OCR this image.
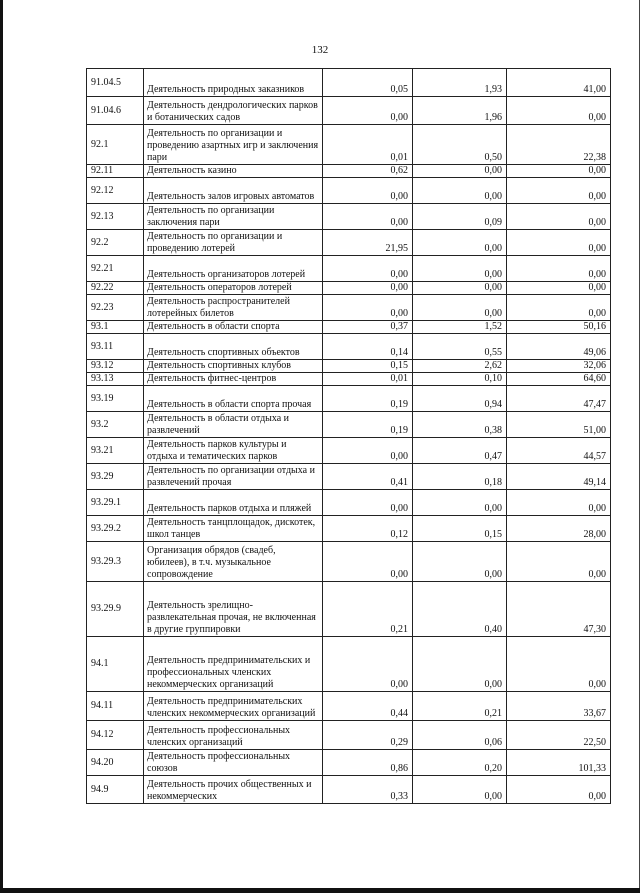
132
91.04.5	Деятельность природных заказников	0,05	1,93	41,00
91.04.6	Деятельность дендрологических парков и ботанических садов	0,00	1,96	0,00
92.1	Деятельность по организации и проведению азартных игр и заключения пари	0,01	0,50	22,38
92.11	Деятельность казино	0,62	0,00	0,00
92.12	Деятельность залов игровых автоматов	0,00	0,00	0,00
92.13	Деятельность по организации заключения пари	0,00	0,09	0,00
92.2	Деятельность по организации и проведению лотерей	21,95	0,00	0,00
92.21	Деятельность организаторов лотерей	0,00	0,00	0,00
92.22	Деятельность операторов лотерей	0,00	0,00	0,00
92.23	Деятельность распространителей лотерейных билетов	0,00	0,00	0,00
93.1	Деятельность в области спорта	0,37	1,52	50,16
93.11	Деятельность спортивных объектов	0,14	0,55	49,06
93.12	Деятельность спортивных клубов	0,15	2,62	32,06
93.13	Деятельность фитнес-центров	0,01	0,10	64,60
93.19	Деятельность в области спорта прочая	0,19	0,94	47,47
93.2	Деятельность в области отдыха и развлечений	0,19	0,38	51,00
93.21	Деятельность парков культуры и отдыха и тематических парков	0,00	0,47	44,57
93.29	Деятельность по организации отдыха и развлечений прочая	0,41	0,18	49,14
93.29.1	Деятельность парков отдыха и пляжей	0,00	0,00	0,00
93.29.2	Деятельность танцплощадок, дискотек, школ танцев	0,12	0,15	28,00
93.29.3	Организация обрядов (свадеб, юбилеев), в т.ч. музыкальное сопровождение	0,00	0,00	0,00
93.29.9	Деятельность зрелищно-развлекательная прочая, не включенная в другие группировки	0,21	0,40	47,30
94.1	Деятельность предпринимательских и профессиональных членских некоммерческих организаций	0,00	0,00	0,00
94.11	Деятельность предпринимательских членских некоммерческих организаций	0,44	0,21	33,67
94.12	Деятельность профессиональных членских организаций	0,29	0,06	22,50
94.20	Деятельность профессиональных союзов	0,86	0,20	101,33
94.9	Деятельность прочих общественных и некоммерческих	0,33	0,00	0,00
